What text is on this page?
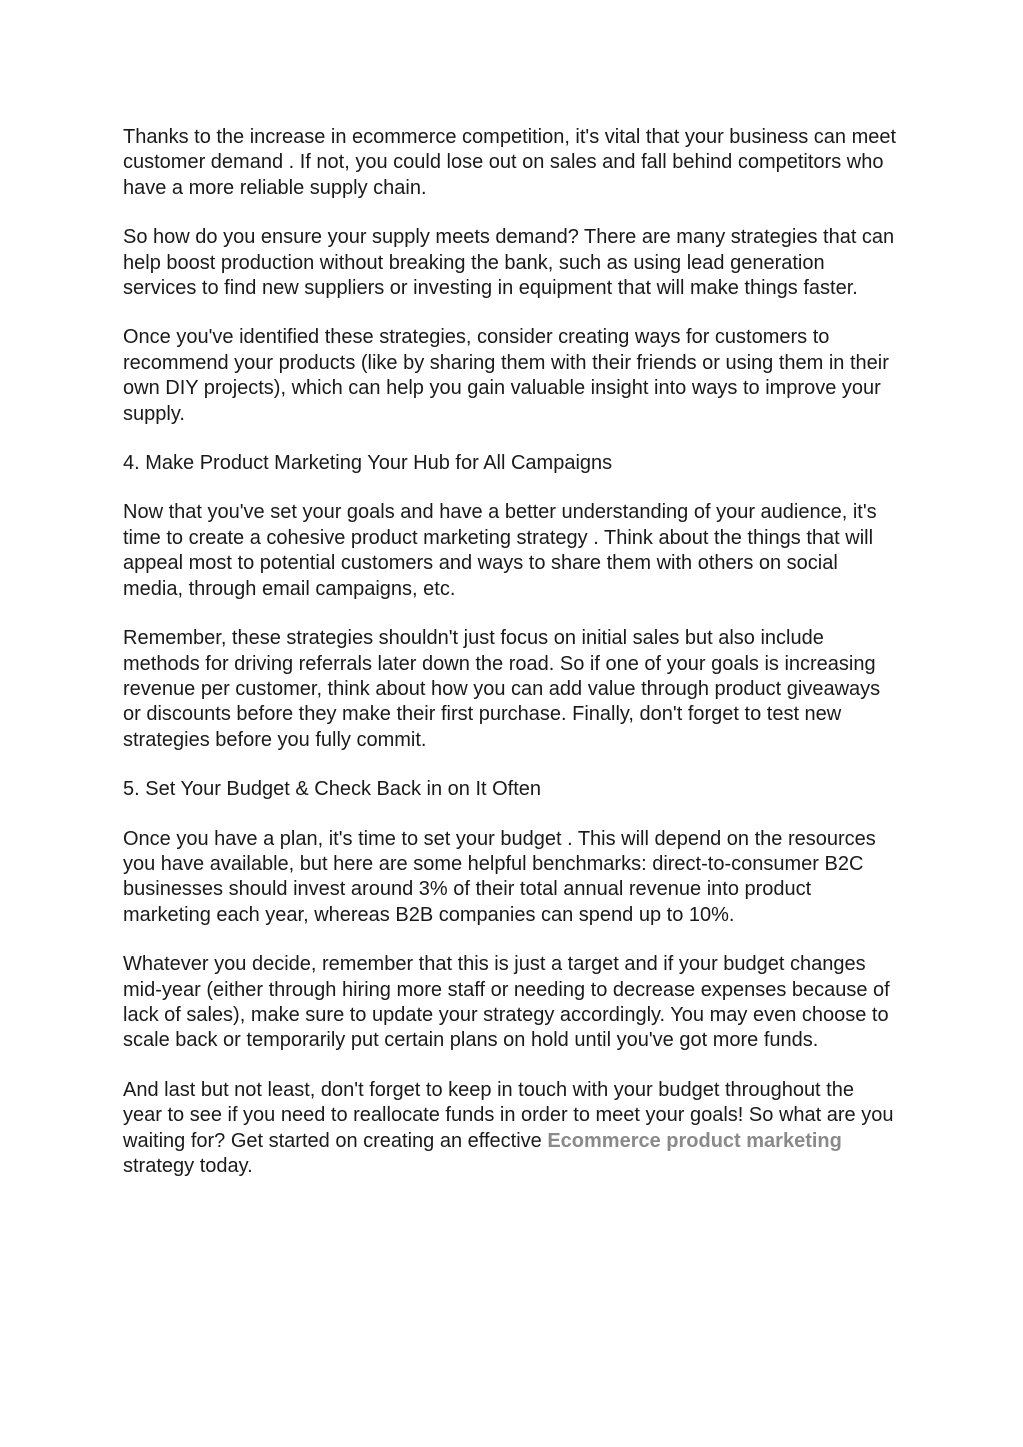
Thanks to the increase in ecommerce competition, it's vital that your business can meet customer demand . If not, you could lose out on sales and fall behind competitors who have a more reliable supply chain.

So how do you ensure your supply meets demand? There are many strategies that can help boost production without breaking the bank, such as using lead generation services to find new suppliers or investing in equipment that will make things faster.

Once you've identified these strategies, consider creating ways for customers to recommend your products (like by sharing them with their friends or using them in their own DIY projects), which can help you gain valuable insight into ways to improve your supply.

4. Make Product Marketing Your Hub for All Campaigns

Now that you've set your goals and have a better understanding of your audience, it's time to create a cohesive product marketing strategy . Think about the things that will appeal most to potential customers and ways to share them with others on social media, through email campaigns, etc.

Remember, these strategies shouldn't just focus on initial sales but also include methods for driving referrals later down the road. So if one of your goals is increasing revenue per customer, think about how you can add value through product giveaways or discounts before they make their first purchase. Finally, don't forget to test new strategies before you fully commit.

5. Set Your Budget & Check Back in on It Often

Once you have a plan, it's time to set your budget . This will depend on the resources you have available, but here are some helpful benchmarks: direct-to-consumer B2C businesses should invest around 3% of their total annual revenue into product marketing each year, whereas B2B companies can spend up to 10%.

Whatever you decide, remember that this is just a target and if your budget changes mid-year (either through hiring more staff or needing to decrease expenses because of lack of sales), make sure to update your strategy accordingly. You may even choose to scale back or temporarily put certain plans on hold until you've got more funds.

And last but not least, don't forget to keep in touch with your budget throughout the year to see if you need to reallocate funds in order to meet your goals! So what are you waiting for? Get started on creating an effective Ecommerce product marketing strategy today.
